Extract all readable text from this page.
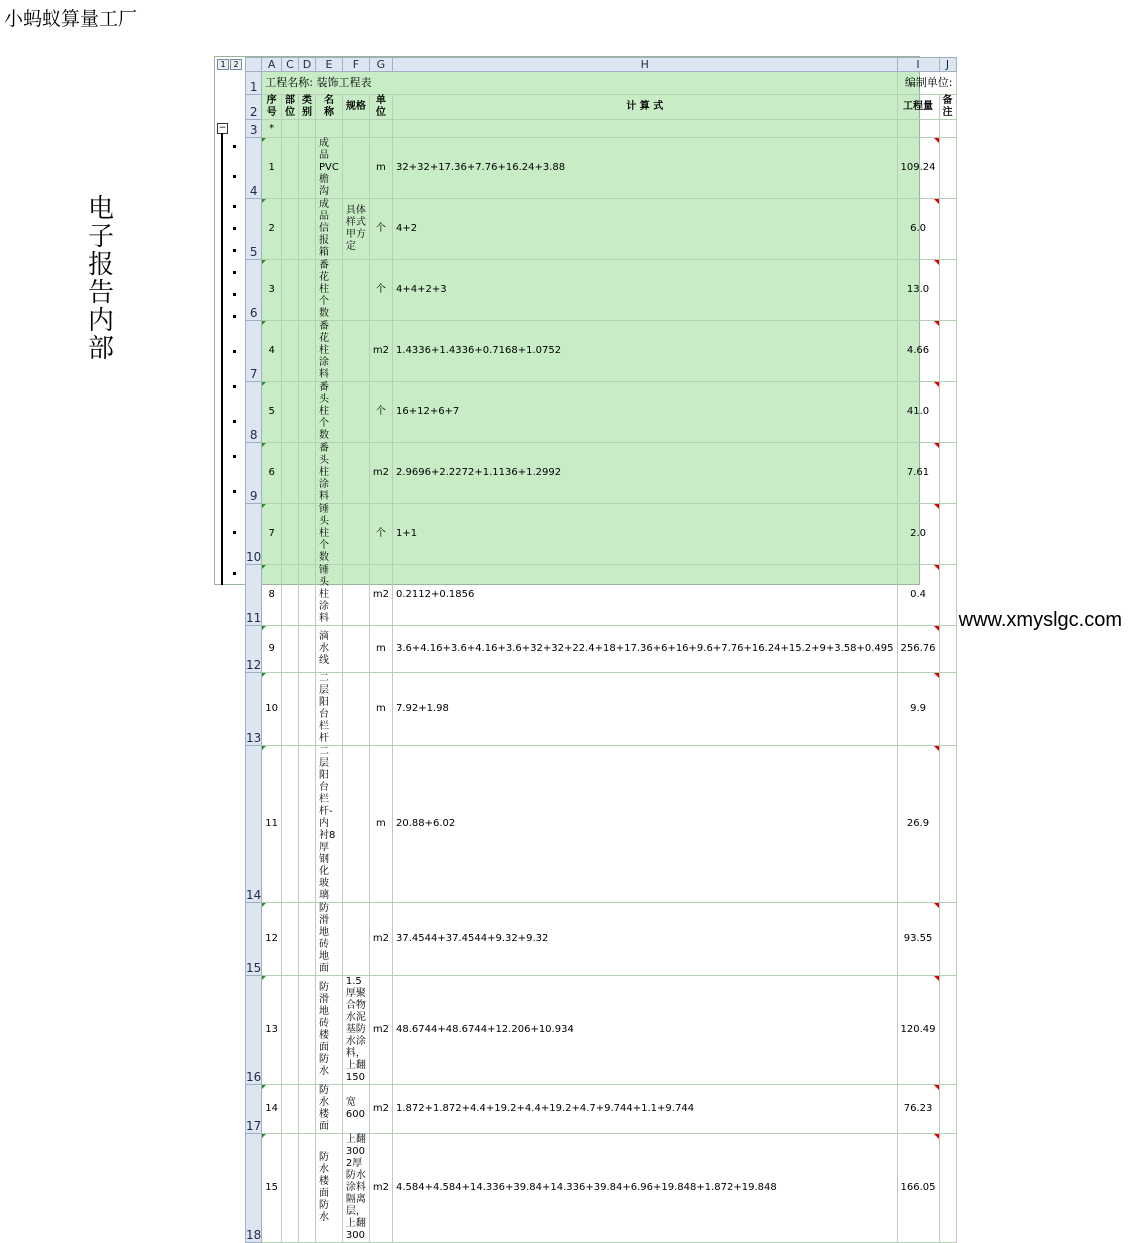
小蚂蚁算量工厂
电
子
报
告
内
部
www.xmyslgc.com
1 2
−
	A	C	D	E	F	G	H	I	J
1	工程名称: 装饰工程表							编制单位:	
2	序号	部位	类别	名称	规格	单位	计 算 式	工程量	备注
3	*								
4	1			成品PVC檐沟		m	32+32+17.36+7.76+16.24+3.88	109.24

5	2			成品信报箱	具体样式甲方定	个	4+2	6.0

6	3			番花柱个数		个	4+4+2+3	13.0

7	4			番花柱涂料		m2	1.4336+1.4336+0.7168+1.0752	4.66

8	5			番头柱个数		个	16+12+6+7	41.0

9	6			番头柱涂料		m2	2.9696+2.2272+1.1136+1.2992	7.61

10	7			锤头柱个数		个	1+1	2.0

11	8			锤头柱涂料		m2	0.2112+0.1856	0.4

12	9			滴水线		m	3.6+4.16+3.6+4.16+3.6+32+32+22.4+18+17.36+6+16+9.6+7.76+16.24+15.2+9+3.58+0.495	256.76

13	10			二层阳台栏杆		m	7.92+1.98	9.9

14	11			二层阳台栏杆-内衬8厚钢化玻璃		m	20.88+6.02	26.9

15	12			防滑地砖地面		m2	37.4544+37.4544+9.32+9.32	93.55

16	13			防滑地砖楼面防水	1.5厚聚合物水泥基防水涂料，上翻150	m2	48.6744+48.6744+12.206+10.934	120.49

17	14			防水楼面	宽600	m2	1.872+1.872+4.4+19.2+4.4+19.2+4.7+9.744+1.1+9.744	76.23

18	15			防水楼面防水	上翻300
2厚防水涂料隔离层，上翻300	m2	4.584+4.584+14.336+39.84+14.336+39.84+6.96+19.848+1.872+19.848	166.05
